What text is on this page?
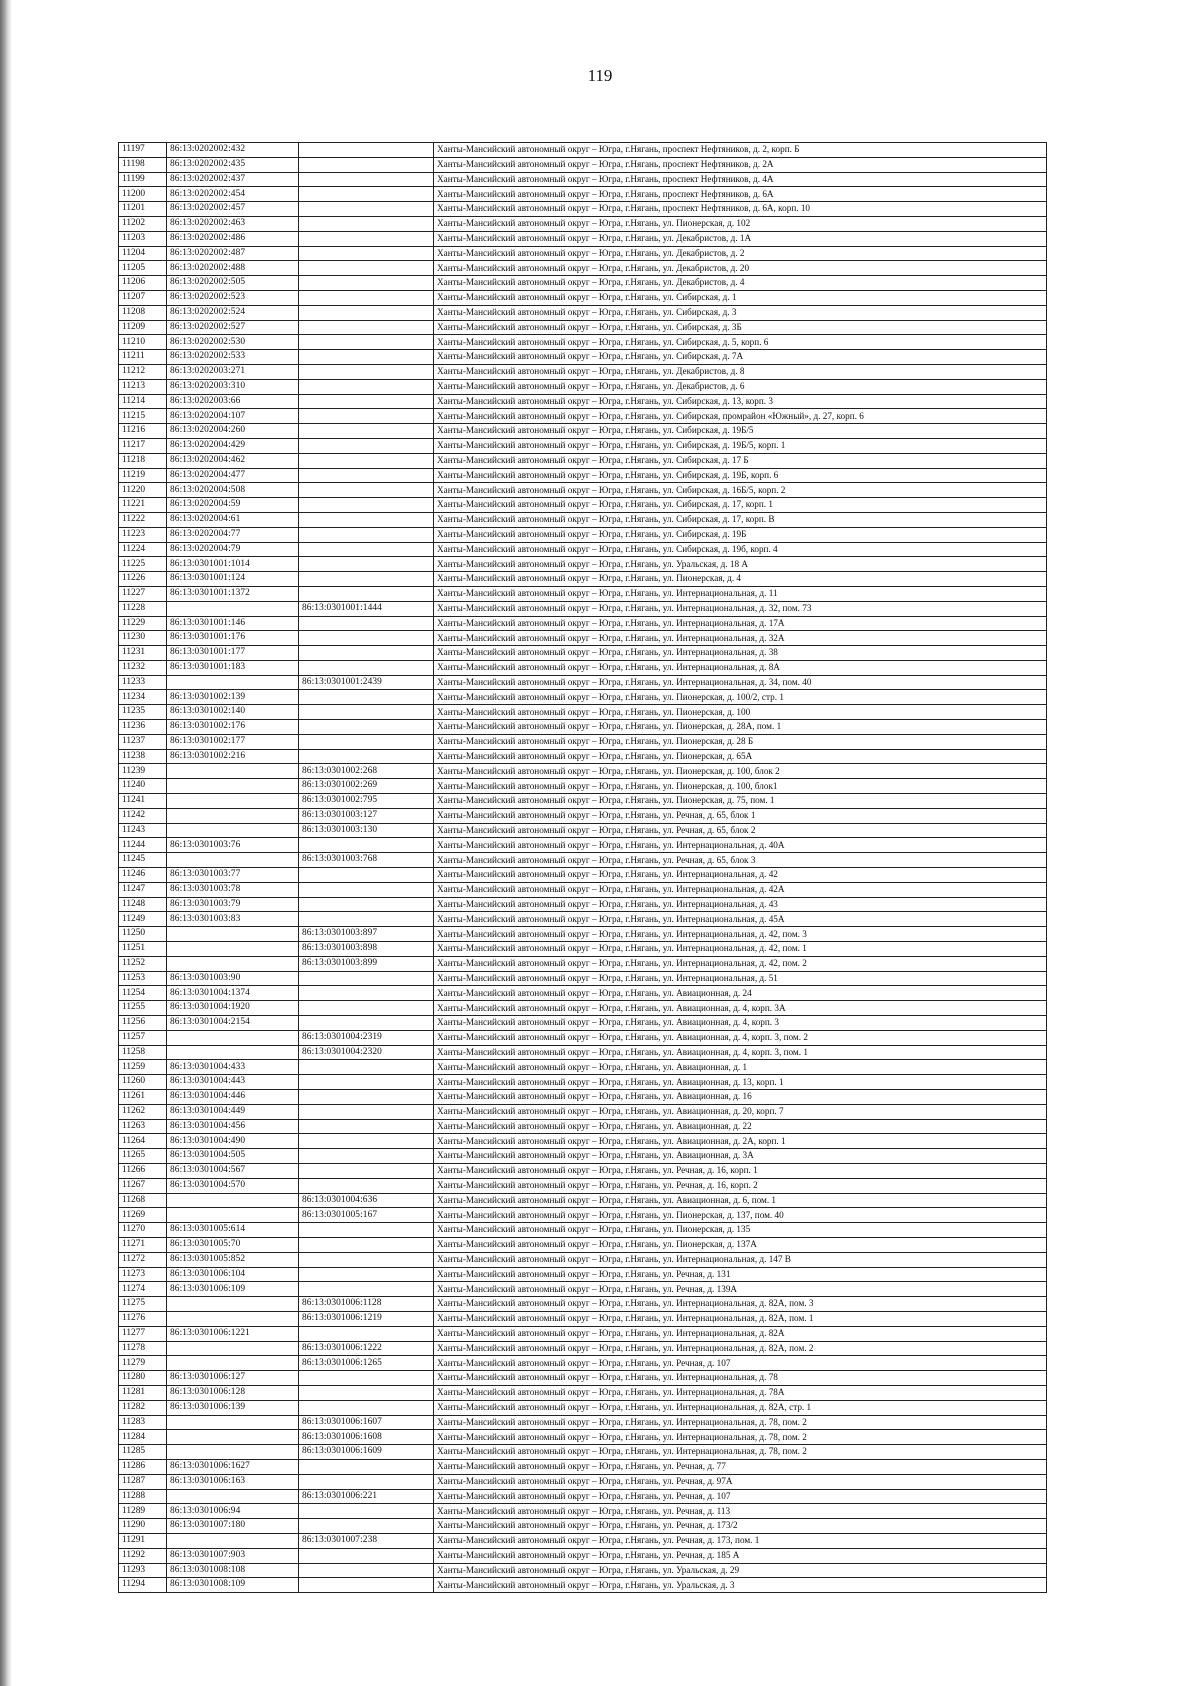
119
11197	86:13:0202002:432		Ханты-Мансийский автономный округ – Югра, г.Нягань, проспект Нефтяников, д. 2, корп. Б
11198	86:13:0202002:435		Ханты-Мансийский автономный округ – Югра, г.Нягань, проспект Нефтяников, д. 2А
11199	86:13:0202002:437		Ханты-Мансийский автономный округ – Югра, г.Нягань, проспект Нефтяников, д. 4А
11200	86:13:0202002:454		Ханты-Мансийский автономный округ – Югра, г.Нягань, проспект Нефтяников, д. 6А
11201	86:13:0202002:457		Ханты-Мансийский автономный округ – Югра, г.Нягань, проспект Нефтяников, д. 6А, корп. 10
11202	86:13:0202002:463		Ханты-Мансийский автономный округ – Югра, г.Нягань, ул. Пионерская, д. 102
11203	86:13:0202002:486		Ханты-Мансийский автономный округ – Югра, г.Нягань, ул. Декабристов, д. 1А
11204	86:13:0202002:487		Ханты-Мансийский автономный округ – Югра, г.Нягань, ул. Декабристов, д. 2
11205	86:13:0202002:488		Ханты-Мансийский автономный округ – Югра, г.Нягань, ул. Декабристов, д. 20
11206	86:13:0202002:505		Ханты-Мансийский автономный округ – Югра, г.Нягань, ул. Декабристов, д. 4
11207	86:13:0202002:523		Ханты-Мансийский автономный округ – Югра, г.Нягань, ул. Сибирская, д. 1
11208	86:13:0202002:524		Ханты-Мансийский автономный округ – Югра, г.Нягань, ул. Сибирская, д. 3
11209	86:13:0202002:527		Ханты-Мансийский автономный округ – Югра, г.Нягань, ул. Сибирская, д. 3Б
11210	86:13:0202002:530		Ханты-Мансийский автономный округ – Югра, г.Нягань, ул. Сибирская, д. 5, корп. 6
11211	86:13:0202002:533		Ханты-Мансийский автономный округ – Югра, г.Нягань, ул. Сибирская, д. 7А
11212	86:13:0202003:271		Ханты-Мансийский автономный округ – Югра, г.Нягань, ул. Декабристов, д. 8
11213	86:13:0202003:310		Ханты-Мансийский автономный округ – Югра, г.Нягань, ул. Декабристов, д. 6
11214	86:13:0202003:66		Ханты-Мансийский автономный округ – Югра, г.Нягань, ул. Сибирская, д. 13, корп. 3
11215	86:13:0202004:107		Ханты-Мансийский автономный округ – Югра, г.Нягань, ул. Сибирская, промрайон «Южный», д. 27, корп. 6
11216	86:13:0202004:260		Ханты-Мансийский автономный округ – Югра, г.Нягань, ул. Сибирская, д. 19Б/5
11217	86:13:0202004:429		Ханты-Мансийский автономный округ – Югра, г.Нягань, ул. Сибирская, д. 19Б/5, корп. 1
11218	86:13:0202004:462		Ханты-Мансийский автономный округ – Югра, г.Нягань, ул. Сибирская, д. 17 Б
11219	86:13:0202004:477		Ханты-Мансийский автономный округ – Югра, г.Нягань, ул. Сибирская, д. 19Б, корп. 6
11220	86:13:0202004:508		Ханты-Мансийский автономный округ – Югра, г.Нягань, ул. Сибирская, д. 16Б/5, корп. 2
11221	86:13:0202004:59		Ханты-Мансийский автономный округ – Югра, г.Нягань, ул. Сибирская, д. 17, корп. 1
11222	86:13:0202004:61		Ханты-Мансийский автономный округ – Югра, г.Нягань, ул. Сибирская, д. 17, корп. В
11223	86:13:0202004:77		Ханты-Мансийский автономный округ – Югра, г.Нягань, ул. Сибирская, д. 19Б
11224	86:13:0202004:79		Ханты-Мансийский автономный округ – Югра, г.Нягань, ул. Сибирская, д. 19б, корп. 4
11225	86:13:0301001:1014		Ханты-Мансийский автономный округ – Югра, г.Нягань, ул. Уральская, д. 18 А
11226	86:13:0301001:124		Ханты-Мансийский автономный округ – Югра, г.Нягань, ул. Пионерская, д. 4
11227	86:13:0301001:1372		Ханты-Мансийский автономный округ – Югра, г.Нягань, ул. Интернациональная, д. 11
11228		86:13:0301001:1444	Ханты-Мансийский автономный округ – Югра, г.Нягань, ул. Интернациональная, д. 32, пом. 73
11229	86:13:0301001:146		Ханты-Мансийский автономный округ – Югра, г.Нягань, ул. Интернациональная, д. 17А
11230	86:13:0301001:176		Ханты-Мансийский автономный округ – Югра, г.Нягань, ул. Интернациональная, д. 32А
11231	86:13:0301001:177		Ханты-Мансийский автономный округ – Югра, г.Нягань, ул. Интернациональная, д. 38
11232	86:13:0301001:183		Ханты-Мансийский автономный округ – Югра, г.Нягань, ул. Интернациональная, д. 8А
11233		86:13:0301001:2439	Ханты-Мансийский автономный округ – Югра, г.Нягань, ул. Интернациональная, д. 34, пом. 40
11234	86:13:0301002:139		Ханты-Мансийский автономный округ – Югра, г.Нягань, ул. Пионерская, д. 100/2, стр. 1
11235	86:13:0301002:140		Ханты-Мансийский автономный округ – Югра, г.Нягань, ул. Пионерская, д. 100
11236	86:13:0301002:176		Ханты-Мансийский автономный округ – Югра, г.Нягань, ул. Пионерская, д. 28А, пом. 1
11237	86:13:0301002:177		Ханты-Мансийский автономный округ – Югра, г.Нягань, ул. Пионерская, д. 28 Б
11238	86:13:0301002:216		Ханты-Мансийский автономный округ – Югра, г.Нягань, ул. Пионерская, д. 65А
11239		86:13:0301002:268	Ханты-Мансийский автономный округ – Югра, г.Нягань, ул. Пионерская, д. 100, блок 2
11240		86:13:0301002:269	Ханты-Мансийский автономный округ – Югра, г.Нягань, ул. Пионерская, д. 100, блок1
11241		86:13:0301002:795	Ханты-Мансийский автономный округ – Югра, г.Нягань, ул. Пионерская, д. 75, пом. 1
11242		86:13:0301003:127	Ханты-Мансийский автономный округ – Югра, г.Нягань, ул. Речная, д. 65, блок 1
11243		86:13:0301003:130	Ханты-Мансийский автономный округ – Югра, г.Нягань, ул. Речная, д. 65, блок 2
11244	86:13:0301003:76		Ханты-Мансийский автономный округ – Югра, г.Нягань, ул. Интернациональная, д. 40А
11245		86:13:0301003:768	Ханты-Мансийский автономный округ – Югра, г.Нягань, ул. Речная, д. 65, блок 3
11246	86:13:0301003:77		Ханты-Мансийский автономный округ – Югра, г.Нягань, ул. Интернациональная, д. 42
11247	86:13:0301003:78		Ханты-Мансийский автономный округ – Югра, г.Нягань, ул. Интернациональная, д. 42А
11248	86:13:0301003:79		Ханты-Мансийский автономный округ – Югра, г.Нягань, ул. Интернациональная, д. 43
11249	86:13:0301003:83		Ханты-Мансийский автономный округ – Югра, г.Нягань, ул. Интернациональная, д. 45А
11250		86:13:0301003:897	Ханты-Мансийский автономный округ – Югра, г.Нягань, ул. Интернациональная, д. 42, пом. 3
11251		86:13:0301003:898	Ханты-Мансийский автономный округ – Югра, г.Нягань, ул. Интернациональная, д. 42, пом. 1
11252		86:13:0301003:899	Ханты-Мансийский автономный округ – Югра, г.Нягань, ул. Интернациональная, д. 42, пом. 2
11253	86:13:0301003:90		Ханты-Мансийский автономный округ – Югра, г.Нягань, ул. Интернациональная, д. 51
11254	86:13:0301004:1374		Ханты-Мансийский автономный округ – Югра, г.Нягань, ул. Авиационная, д. 24
11255	86:13:0301004:1920		Ханты-Мансийский автономный округ – Югра, г.Нягань, ул. Авиационная, д. 4, корп. 3А
11256	86:13:0301004:2154		Ханты-Мансийский автономный округ – Югра, г.Нягань, ул. Авиационная, д. 4, корп. 3
11257		86:13:0301004:2319	Ханты-Мансийский автономный округ – Югра, г.Нягань, ул. Авиационная, д. 4, корп. 3, пом. 2
11258		86:13:0301004:2320	Ханты-Мансийский автономный округ – Югра, г.Нягань, ул. Авиационная, д. 4, корп. 3, пом. 1
11259	86:13:0301004:433		Ханты-Мансийский автономный округ – Югра, г.Нягань, ул. Авиационная, д. 1
11260	86:13:0301004:443		Ханты-Мансийский автономный округ – Югра, г.Нягань, ул. Авиационная, д. 13, корп. 1
11261	86:13:0301004:446		Ханты-Мансийский автономный округ – Югра, г.Нягань, ул. Авиационная, д. 16
11262	86:13:0301004:449		Ханты-Мансийский автономный округ – Югра, г.Нягань, ул. Авиационная, д. 20, корп. 7
11263	86:13:0301004:456		Ханты-Мансийский автономный округ – Югра, г.Нягань, ул. Авиационная, д. 22
11264	86:13:0301004:490		Ханты-Мансийский автономный округ – Югра, г.Нягань, ул. Авиационная, д. 2А, корп. 1
11265	86:13:0301004:505		Ханты-Мансийский автономный округ – Югра, г.Нягань, ул. Авиационная, д. 3А
11266	86:13:0301004:567		Ханты-Мансийский автономный округ – Югра, г.Нягань, ул. Речная, д. 16, корп. 1
11267	86:13:0301004:570		Ханты-Мансийский автономный округ – Югра, г.Нягань, ул. Речная, д. 16, корп. 2
11268		86:13:0301004:636	Ханты-Мансийский автономный округ – Югра, г.Нягань, ул. Авиационная, д. 6, пом. 1
11269		86:13:0301005:167	Ханты-Мансийский автономный округ – Югра, г.Нягань, ул. Пионерская, д. 137, пом. 40
11270	86:13:0301005:614		Ханты-Мансийский автономный округ – Югра, г.Нягань, ул. Пионерская, д. 135
11271	86:13:0301005:70		Ханты-Мансийский автономный округ – Югра, г.Нягань, ул. Пионерская, д. 137А
11272	86:13:0301005:852		Ханты-Мансийский автономный округ – Югра, г.Нягань, ул. Интернациональная, д. 147 В
11273	86:13:0301006:104		Ханты-Мансийский автономный округ – Югра, г.Нягань, ул. Речная, д. 131
11274	86:13:0301006:109		Ханты-Мансийский автономный округ – Югра, г.Нягань, ул. Речная, д. 139А
11275		86:13:0301006:1128	Ханты-Мансийский автономный округ – Югра, г.Нягань, ул. Интернациональная, д. 82А, пом. 3
11276		86:13:0301006:1219	Ханты-Мансийский автономный округ – Югра, г.Нягань, ул. Интернациональная, д. 82А, пом. 1
11277	86:13:0301006:1221		Ханты-Мансийский автономный округ – Югра, г.Нягань, ул. Интернациональная, д. 82А
11278		86:13:0301006:1222	Ханты-Мансийский автономный округ – Югра, г.Нягань, ул. Интернациональная, д. 82А, пом. 2
11279		86:13:0301006:1265	Ханты-Мансийский автономный округ – Югра, г.Нягань, ул. Речная, д. 107
11280	86:13:0301006:127		Ханты-Мансийский автономный округ – Югра, г.Нягань, ул. Интернациональная, д. 78
11281	86:13:0301006:128		Ханты-Мансийский автономный округ – Югра, г.Нягань, ул. Интернациональная, д. 78А
11282	86:13:0301006:139		Ханты-Мансийский автономный округ – Югра, г.Нягань, ул. Интернациональная, д. 82А, стр. 1
11283		86:13:0301006:1607	Ханты-Мансийский автономный округ – Югра, г.Нягань, ул. Интернациональная, д. 78, пом. 2
11284		86:13:0301006:1608	Ханты-Мансийский автономный округ – Югра, г.Нягань, ул. Интернациональная, д. 78, пом. 2
11285		86:13:0301006:1609	Ханты-Мансийский автономный округ – Югра, г.Нягань, ул. Интернациональная, д. 78, пом. 2
11286	86:13:0301006:1627		Ханты-Мансийский автономный округ – Югра, г.Нягань, ул. Речная, д. 77
11287	86:13:0301006:163		Ханты-Мансийский автономный округ – Югра, г.Нягань, ул. Речная, д. 97А
11288		86:13:0301006:221	Ханты-Мансийский автономный округ – Югра, г.Нягань, ул. Речная, д. 107
11289	86:13:0301006:94		Ханты-Мансийский автономный округ – Югра, г.Нягань, ул. Речная, д. 113
11290	86:13:0301007:180		Ханты-Мансийский автономный округ – Югра, г.Нягань, ул. Речная, д. 173/2
11291		86:13:0301007:238	Ханты-Мансийский автономный округ – Югра, г.Нягань, ул. Речная, д. 173, пом. 1
11292	86:13:0301007:903		Ханты-Мансийский автономный округ – Югра, г.Нягань, ул. Речная, д. 185 А
11293	86:13:0301008:108		Ханты-Мансийский автономный округ – Югра, г.Нягань, ул. Уральская, д. 29
11294	86:13:0301008:109		Ханты-Мансийский автономный округ – Югра, г.Нягань, ул. Уральская, д. 3
